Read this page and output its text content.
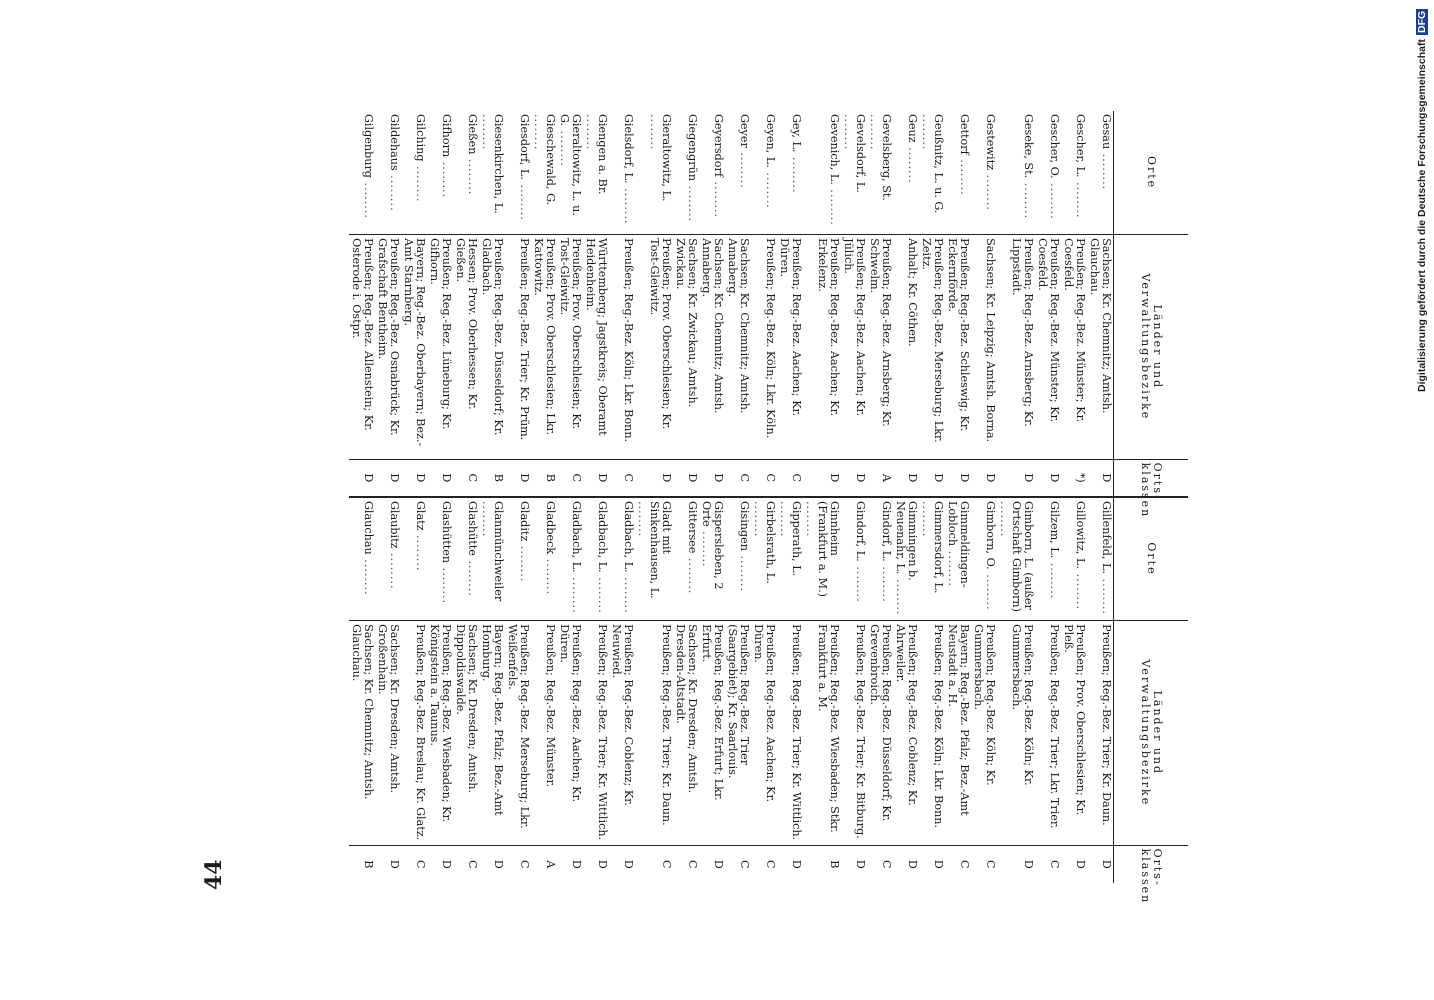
Orte	Länder und Verwaltungsbezirke	Orts-klassen	Orte	Länder und Verwaltungsbezirke	Orts-klassen
Gesau .....	Sachsen; Kr. Chemnitz; Amtsh. Glauchau.	D	Gillenfeld, L. .....	Preußen; Reg.-Bez. Trier; Kr. Daun.	D
Gescher, L. .....	Preußen; Reg.-Bez. Münster; Kr. Coesfeld.	*)	Gillowitz, L. .....	Preußen; Prov. Oberschlesien; Kr. Pleß.	D
Gescher, O. .....	Preußen; Reg.-Bez. Münster; Kr. Coesfeld.	D	Gilzem, L. .....	Preußen; Reg.-Bez. Trier; Lkr. Trier.	C
Geseke, St. .....	Preußen; Reg.-Bez. Arnsberg; Kr. Lippstadt.	D	Gimborn, L. (außer Ortschaft Gimborn) .....	Preußen; Reg.-Bez. Köln; Kr. Gummersbach.	D
Gestewitz .....	Sachsen; Kr. Leipzig; Amtsh. Borna.	D	Gimborn, O. .....	Preußen; Reg.-Bez. Köln; Kr. Gummersbach.	C
Gettorf .....	Preußen; Reg.-Bez. Schleswig; Kr. Eckernförde.	D	Gimmeldingen-Lobloch .....	Bayern; Reg.-Bez. Pfalz; Bez.-Amt Neustadt a. H.	C
Geußnitz, L. u. G. .....	Preußen; Reg.-Bez. Merseburg; Lkr. Zeitz.	D	Gimmersdorf, L. .....	Preußen; Reg.-Bez. Köln; Lkr. Bonn.	D
Geuz .....	Anhalt; Kr. Cöthen.	D	Gimmingen b. Neuenahr, L. .....	Preußen; Reg.-Bez. Coblenz; Kr. Ahrweiler.	D
Gevelsberg, St. .....	Preußen; Reg.-Bez. Arnsberg; Kr. Schwelm.	A	Gindorf, L. .....	Preußen; Reg.-Bez. Düsseldorf; Kr. Grevenbroich.	C
Gevelsdorf, L. .....	Preußen; Reg.-Bez. Aachen; Kr. Jülich.	D	Gindorf, L. .....	Preußen; Reg.-Bez. Trier; Kr. Bitburg.	D
Gevenich, L. .....	Preußen; Reg.-Bez. Aachen; Kr. Erkelenz.	D	Ginnheim (Frankfurt a. M.) .....	Preußen; Reg.-Bez. Wiesbaden; Stkr. Frankfurt a. M.	B
Gey, L. .....	Preußen; Reg.-Bez. Aachen; Kr. Düren.	C	Gipperath, L. .....	Preußen; Reg.-Bez. Trier; Kr. Wittlich.	D
Geyen, L. .....	Preußen; Reg.-Bez. Köln; Lkr. Köln.	C	Girbelsrath, L. .....	Preußen; Reg.-Bez. Aachen; Kr. Düren.	C
Geyer .....	Sachsen; Kr. Chemnitz; Amtsh. Annaberg.	C	Gisingen .....	Preußen; Reg.-Bez. Trier (Saargebiet); Kr. Saarlouis.	C
Geyersdorf .....	Sachsen; Kr. Chemnitz; Amtsh. Annaberg.	D	Gispersleben, 2 Orte .....	Preußen; Reg.-Bez. Erfurt; Lkr. Erfurt.	D
Giegengrün .....	Sachsen; Kr. Zwickau; Amtsh. Zwickau.	D	Gittersee .....	Sachsen; Kr. Dresden; Amtsh. Dresden-Altstadt.	C
Gieraltowitz, L. .....	Preußen; Prov. Oberschlesien; Kr. Tost-Gleiwitz.	D	Gladt mit Sinkenhausen, L. .....	Preußen; Reg.-Bez. Trier; Kr. Daun.	C
Gielsdorf, L. .....	Preußen; Reg.-Bez. Köln; Lkr. Bonn.	C	Gladbach, L. .....	Preußen; Reg.-Bez. Coblenz; Kr. Neuwied.	D
Giengen a. Br. .....	Württemberg; Jagstkreis; Oberamt Heidenheim.	D	Gladbach, L. .....	Preußen; Reg.-Bez. Trier; Kr. Wittlich.	D
Gieraltowitz, L. u. G. .....	Preußen; Prov. Oberschlesien; Kr. Tost-Gleiwitz.	C	Gladbach, L. .....	Preußen; Reg.-Bez. Aachen; Kr. Düren.	D
Gieschewald, G. .....	Preußen; Prov. Oberschlesien; Lkr. Kattowitz.	B	Gladbeck .....	Preußen; Reg.-Bez. Münster.	A
Giesdorf, L. .....	Preußen; Reg.-Bez. Trier; Kr. Prüm.	D	Gladitz .....	Preußen; Reg.-Bez. Merseburg; Lkr. Weißenfels.	C
Giesenkirchen, L. .....	Preußen; Reg.-Bez. Düsseldorf; Kr. Gladbach.	B	Glanmünchweiler .....	Bayern; Reg.-Bez. Pfalz; Bez.-Amt Homburg.	D
Gießen .....	Hessen; Prov. Oberhessen; Kr. Gießen.	C	Glashütte .....	Sachsen; Kr. Dresden; Amtsh. Dippoldiswalde.	C
Gifhorn .....	Preußen; Reg.-Bez. Lüneburg; Kr. Gifhorn.	D	Glashütten .....	Preußen; Reg.-Bez. Wiesbaden; Kr. Königstein a. Taunus.	D
Gilching .....	Bayern; Reg.-Bez. Oberbayern; Bez.-Amt Starnberg.	D	Glatz .....	Preußen; Reg.-Bez. Breslau; Kr. Glatz.	C
Gildehaus .....	Preußen; Reg.-Bez. Osnabrück; Kr. Grafschaft Bentheim.	D	Glaubitz .....	Sachsen; Kr. Dresden; Amtsh. Großenhain.	D
Gilgenburg .....	Preußen; Reg.-Bez. Allenstein; Kr. Osterode i. Ostpr.	D	Glauchau .....	Sachsen; Kr. Chemnitz; Amtsh. Glauchau.	B
Digitalisierung gefördert durch die Deutsche ForschungsgemeinschaftDFG
44
